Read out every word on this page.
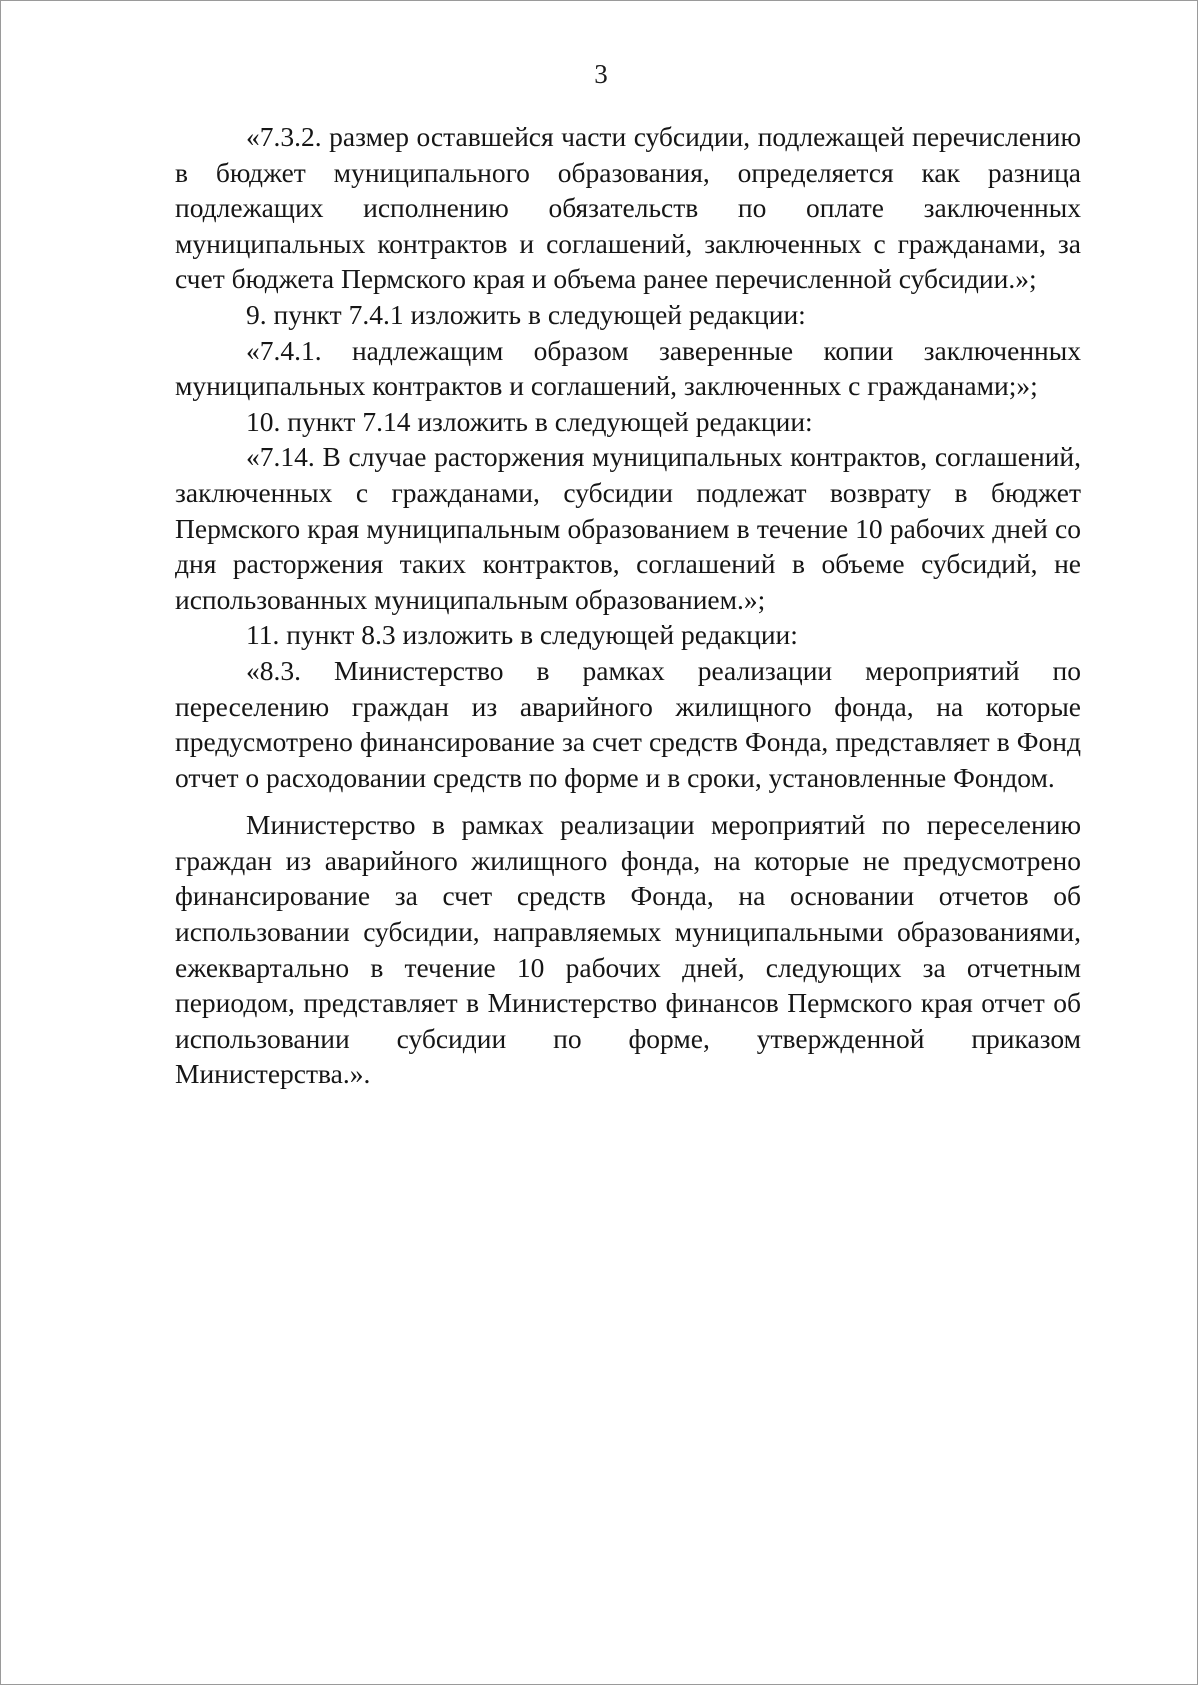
3

«7.3.2. размер оставшейся части субсидии, подлежащей перечислению в бюджет муниципального образования, определяется как разница подлежащих исполнению обязательств по оплате заключенных муниципальных контрактов и соглашений, заключенных с гражданами, за счет бюджета Пермского края и объема ранее перечисленной субсидии.»;

9. пункт 7.4.1 изложить в следующей редакции:

«7.4.1. надлежащим образом заверенные копии заключенных муниципальных контрактов и соглашений, заключенных с гражданами;»;

10. пункт 7.14 изложить в следующей редакции:

«7.14. В случае расторжения муниципальных контрактов, соглашений, заключенных с гражданами, субсидии подлежат возврату в бюджет Пермского края муниципальным образованием в течение 10 рабочих дней со дня расторжения таких контрактов, соглашений в объеме субсидий, не использованных муниципальным образованием.»;

11. пункт 8.3 изложить в следующей редакции:

«8.3. Министерство в рамках реализации мероприятий по переселению граждан из аварийного жилищного фонда, на которые предусмотрено финансирование за счет средств Фонда, представляет в Фонд отчет о расходовании средств по форме и в сроки, установленные Фондом.

Министерство в рамках реализации мероприятий по переселению граждан из аварийного жилищного фонда, на которые не предусмотрено финансирование за счет средств Фонда, на основании отчетов об использовании субсидии, направляемых муниципальными образованиями, ежеквартально в течение 10 рабочих дней, следующих за отчетным периодом, представляет в Министерство финансов Пермского края отчет об использовании субсидии по форме, утвержденной приказом Министерства.».
